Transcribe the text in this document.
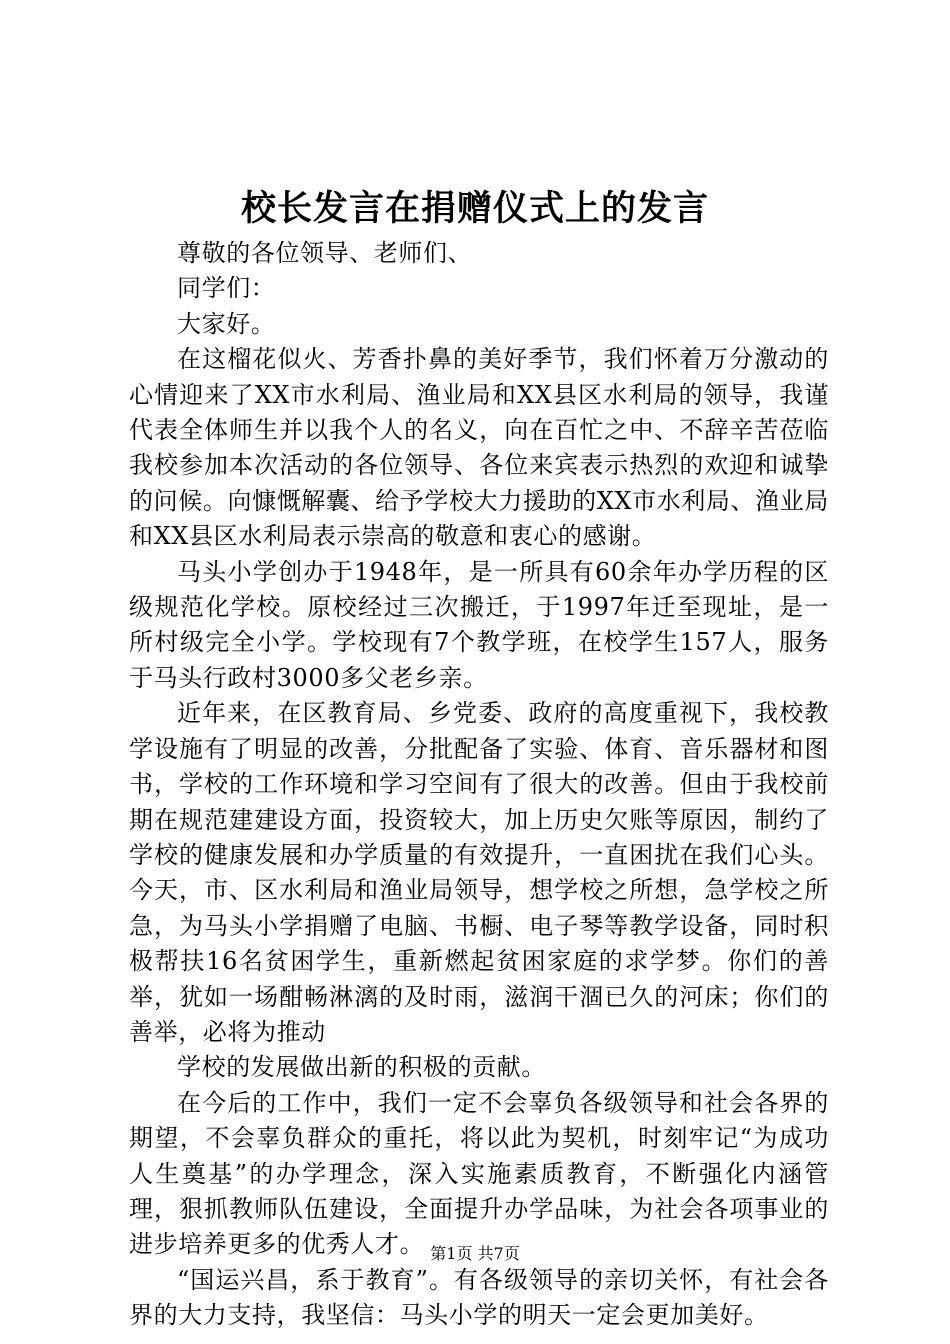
校长发言在捐赠仪式上的发言

尊敬的各位领导、老师们、

同学们：

大家好。

在这榴花似火、芳香扑鼻的美好季节，我们怀着万分激动的心情迎来了XX市水利局、渔业局和XX县区水利局的领导，我谨代表全体师生并以我个人的名义，向在百忙之中、不辞辛苦莅临我校参加本次活动的各位领导、各位来宾表示热烈的欢迎和诚挚的问候。向慷慨解囊、给予学校大力援助的XX市水利局、渔业局和XX县区水利局表示崇高的敬意和衷心的感谢。

马头小学创办于1948年，是一所具有60余年办学历程的区级规范化学校。原校经过三次搬迁，于1997年迁至现址，是一所村级完全小学。学校现有7个教学班，在校学生157人，服务于马头行政村3000多父老乡亲。

近年来，在区教育局、乡党委、政府的高度重视下，我校教学设施有了明显的改善，分批配备了实验、体育、音乐器材和图书，学校的工作环境和学习空间有了很大的改善。但由于我校前期在规范建建设方面，投资较大，加上历史欠账等原因，制约了学校的健康发展和办学质量的有效提升，一直困扰在我们心头。今天，市、区水利局和渔业局领导，想学校之所想，急学校之所急，为马头小学捐赠了电脑、书橱、电子琴等教学设备，同时积极帮扶16名贫困学生，重新燃起贫困家庭的求学梦。你们的善举，犹如一场酣畅淋漓的及时雨，滋润干涸已久的河床；你们的善举，必将为推动

学校的发展做出新的积极的贡献。

在今后的工作中，我们一定不会辜负各级领导和社会各界的期望，不会辜负群众的重托，将以此为契机，时刻牢记“为成功人生奠基”的办学理念，深入实施素质教育，不断强化内涵管理，狠抓教师队伍建设，全面提升办学品味，为社会各项事业的进步培养更多的优秀人才。

“国运兴昌，系于教育”。有各级领导的亲切关怀，有社会各界的大力支持，我坚信：马头小学的明天一定会更加美好。

第1页 共7页
